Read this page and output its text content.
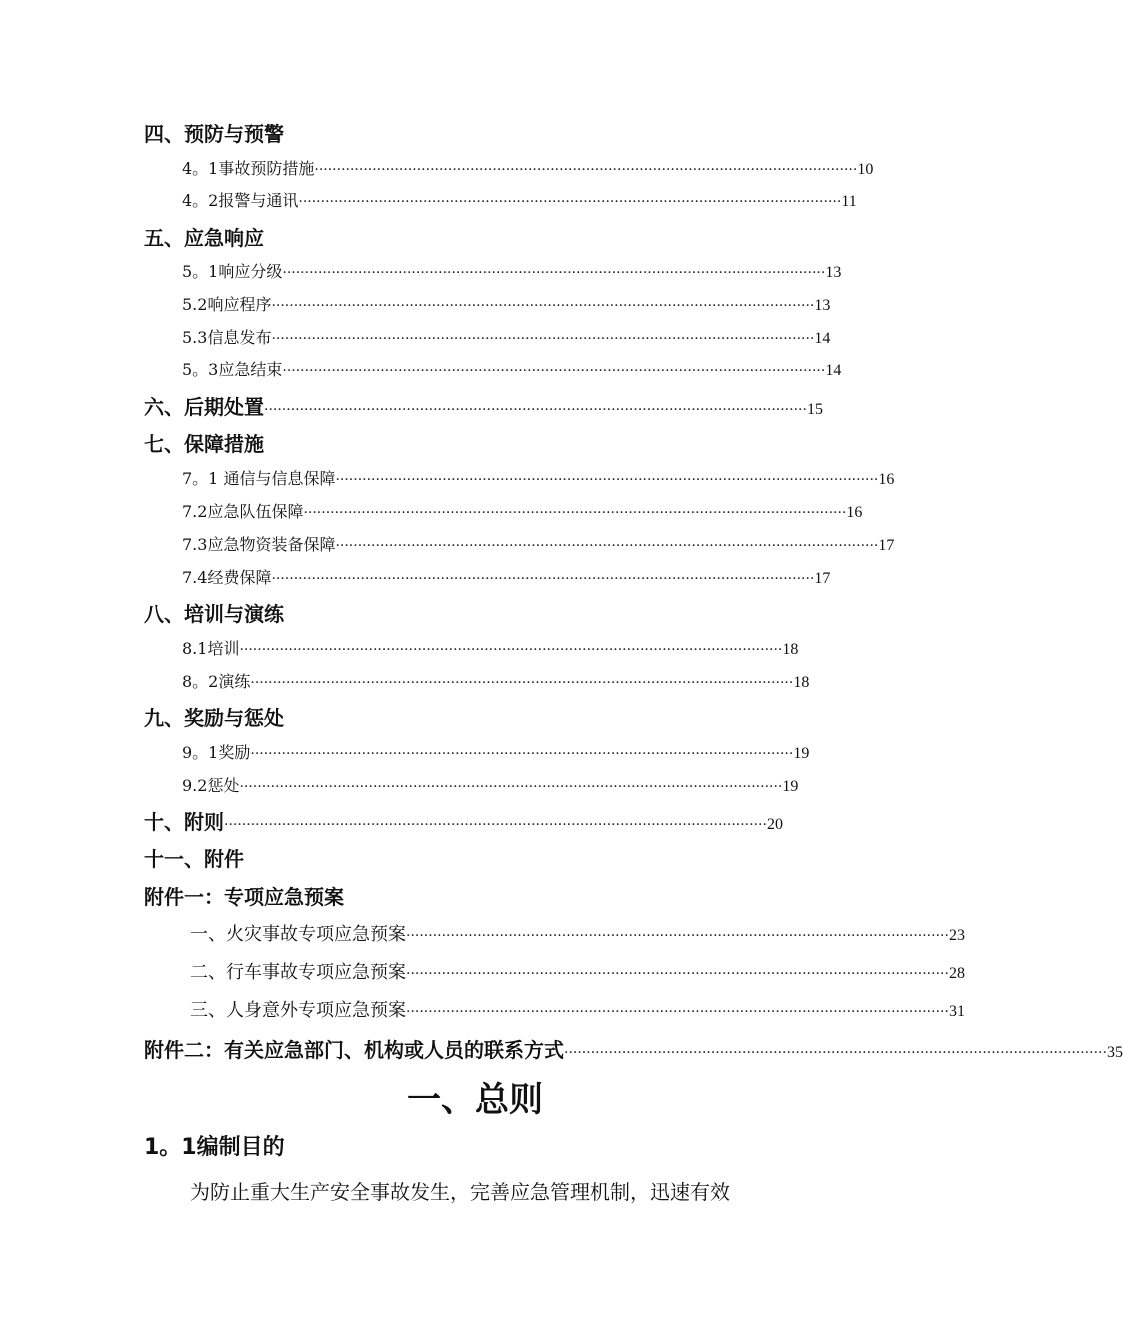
四、预防与预警
4。1事故预防措施 ·························································································································· 10
4。2报警与通讯 ·························································································································· 11
五、应急响应
5。1响应分级 ·························································································································· 13
5.2响应程序 ·························································································································· 13
5.3信息发布 ·························································································································· 14
5。3应急结束 ·························································································································· 14
六、后期处置 ·························································································································· 15
七、保障措施
7。1 通信与信息保障 ·························································································································· 16
7.2应急队伍保障 ·························································································································· 16
7.3应急物资装备保障 ·························································································································· 17
7.4经费保障 ·························································································································· 17
八、培训与演练
8.1培训 ·························································································································· 18
8。2演练 ·························································································································· 18
九、奖励与惩处
9。1奖励 ·························································································································· 19
9.2惩处 ·························································································································· 19
十、附则 ·························································································································· 20
十一、附件
附件一：专项应急预案
一、火灾事故专项应急预案 ·························································································································· 23
二、行车事故专项应急预案 ·························································································································· 28
三、人身意外专项应急预案 ·························································································································· 31
附件二：有关应急部门、机构或人员的联系方式 ·························································································································· 35
一、总则
1。1编制目的
为防止重大生产安全事故发生，完善应急管理机制，迅速有效
